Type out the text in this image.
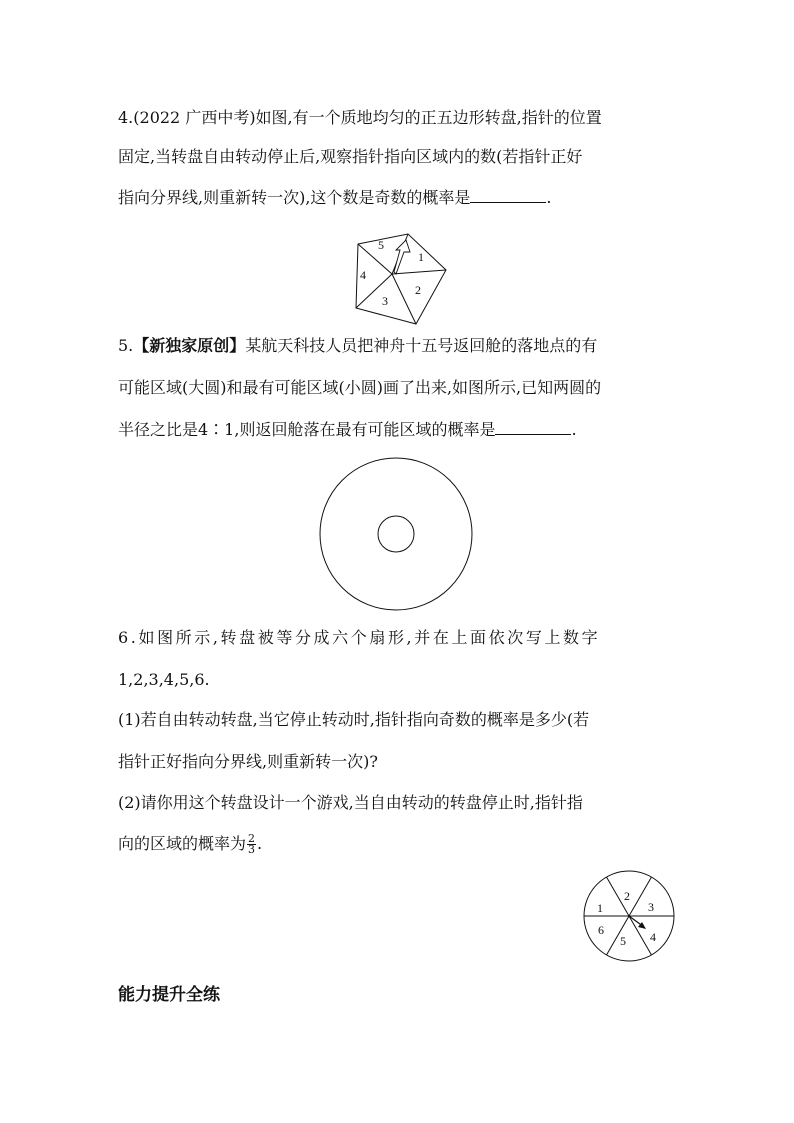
4.(2022 广西中考)如图,有一个质地均匀的正五边形转盘,指针的位置
固定,当转盘自由转动停止后,观察指针指向区域内的数(若指针正好
指向分界线,则重新转一次),这个数是奇数的概率是	.
1
2
3
4
5
5.【新独家原创】某航天科技人员把神舟十五号返回舱的落地点的有
可能区域(大圆)和最有可能区域(小圆)画了出来,如图所示,已知两圆的
半径之比是4∶1,则返回舱落在最有可能区域的概率是	.
6.如图所示,转盘被等分成六个扇形,并在上面依次写上数字
1,2,3,4,5,6.
(1)若自由转动转盘,当它停止转动时,指针指向奇数的概率是多少(若
指针正好指向分界线,则重新转一次)?
(2)请你用这个转盘设计一个游戏,当自由转动的转盘停止时,指针指
向的区域的概率为 $\frac{2}{3}$ .
1
2
3
4
5
6
能力提升全练
